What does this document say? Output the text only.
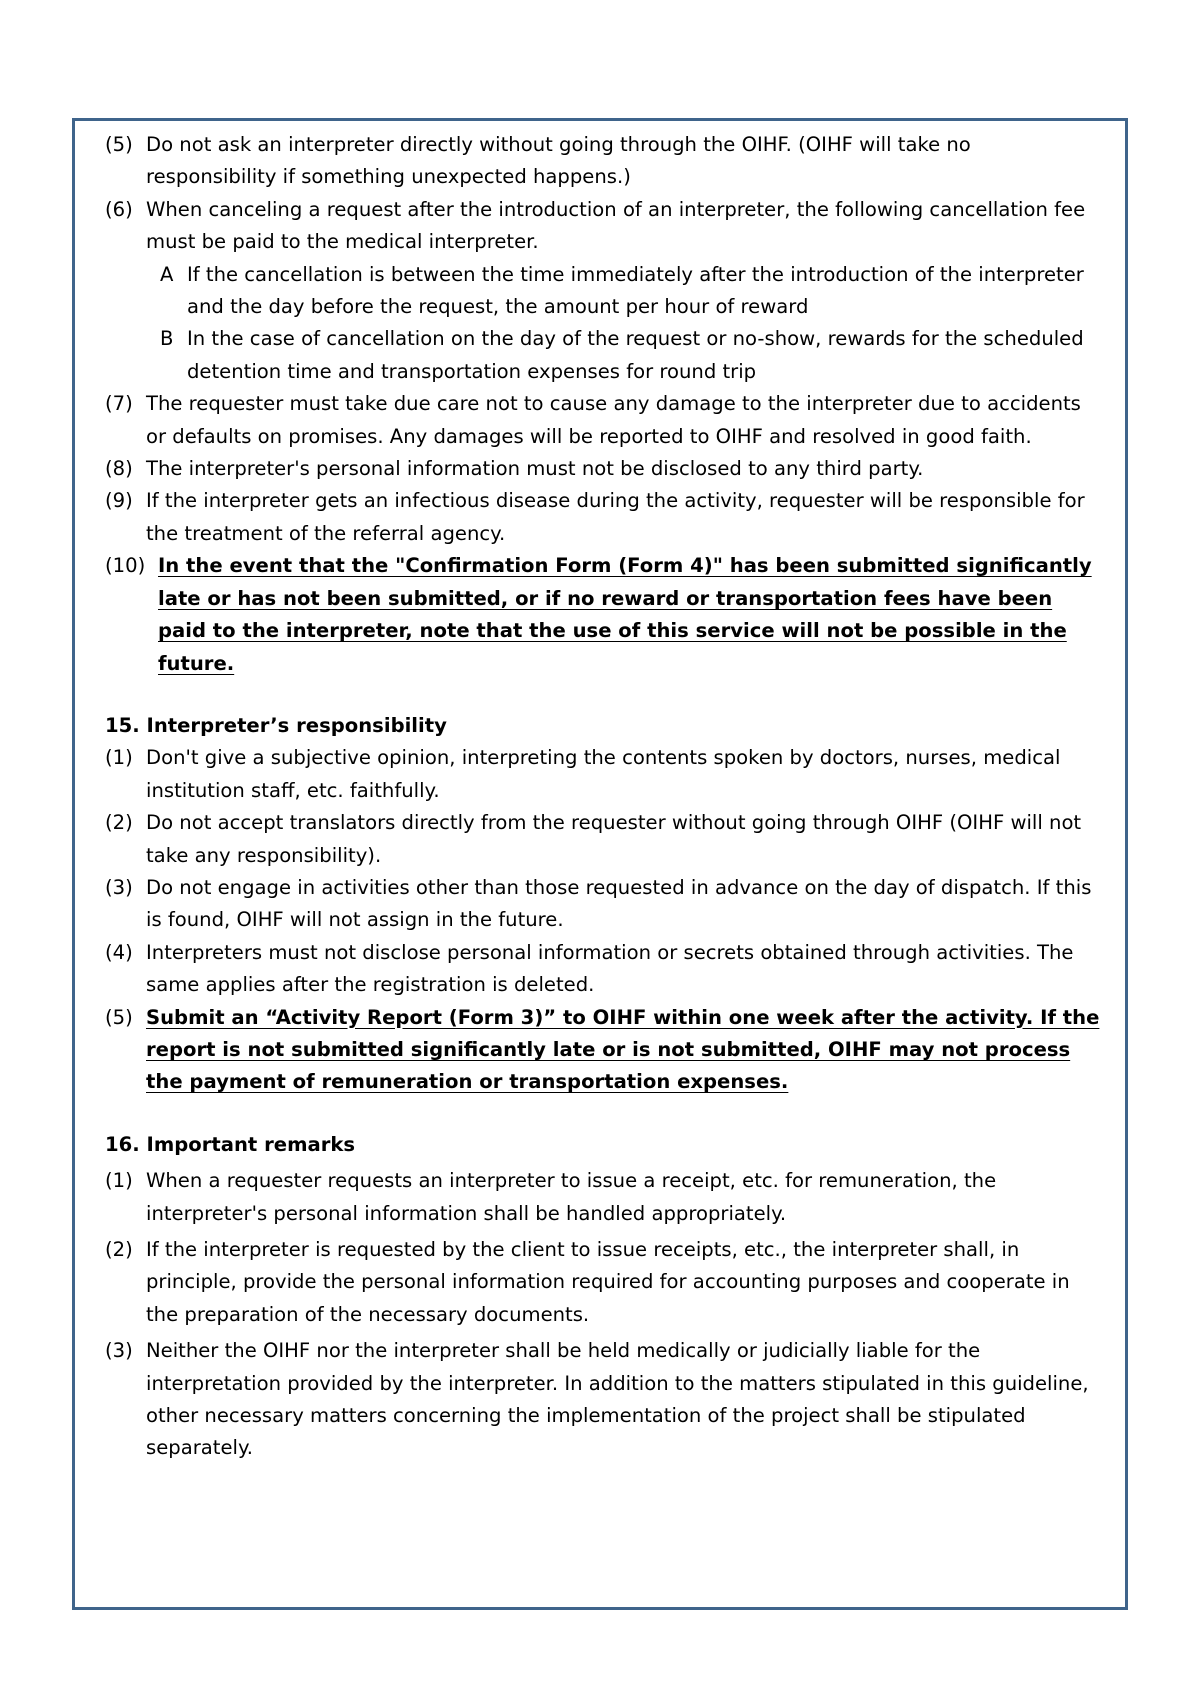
(5) Do not ask an interpreter directly without going through the OIHF. (OIHF will take no responsibility if something unexpected happens.)
(6) When canceling a request after the introduction of an interpreter, the following cancellation fee must be paid to the medical interpreter.
A If the cancellation is between the time immediately after the introduction of the interpreter and the day before the request, the amount per hour of reward
B In the case of cancellation on the day of the request or no-show, rewards for the scheduled detention time and transportation expenses for round trip
(7) The requester must take due care not to cause any damage to the interpreter due to accidents or defaults on promises. Any damages will be reported to OIHF and resolved in good faith.
(8) The interpreter's personal information must not be disclosed to any third party.
(9) If the interpreter gets an infectious disease during the activity, requester will be responsible for the treatment of the referral agency.
(10) In the event that the "Confirmation Form (Form 4)" has been submitted significantly late or has not been submitted, or if no reward or transportation fees have been paid to the interpreter, note that the use of this service will not be possible in the future.
15. Interpreter’s responsibility
(1) Don't give a subjective opinion, interpreting the contents spoken by doctors, nurses, medical institution staff, etc. faithfully.
(2) Do not accept translators directly from the requester without going through OIHF (OIHF will not take any responsibility).
(3) Do not engage in activities other than those requested in advance on the day of dispatch. If this is found, OIHF will not assign in the future.
(4) Interpreters must not disclose personal information or secrets obtained through activities. The same applies after the registration is deleted.
(5) Submit an “Activity Report (Form 3)” to OIHF within one week after the activity. If the report is not submitted significantly late or is not submitted, OIHF may not process the payment of remuneration or transportation expenses.
16. Important remarks
(1) When a requester requests an interpreter to issue a receipt, etc. for remuneration, the interpreter's personal information shall be handled appropriately.
(2) If the interpreter is requested by the client to issue receipts, etc., the interpreter shall, in principle, provide the personal information required for accounting purposes and cooperate in the preparation of the necessary documents.
(3) Neither the OIHF nor the interpreter shall be held medically or judicially liable for the interpretation provided by the interpreter. In addition to the matters stipulated in this guideline, other necessary matters concerning the implementation of the project shall be stipulated separately.
